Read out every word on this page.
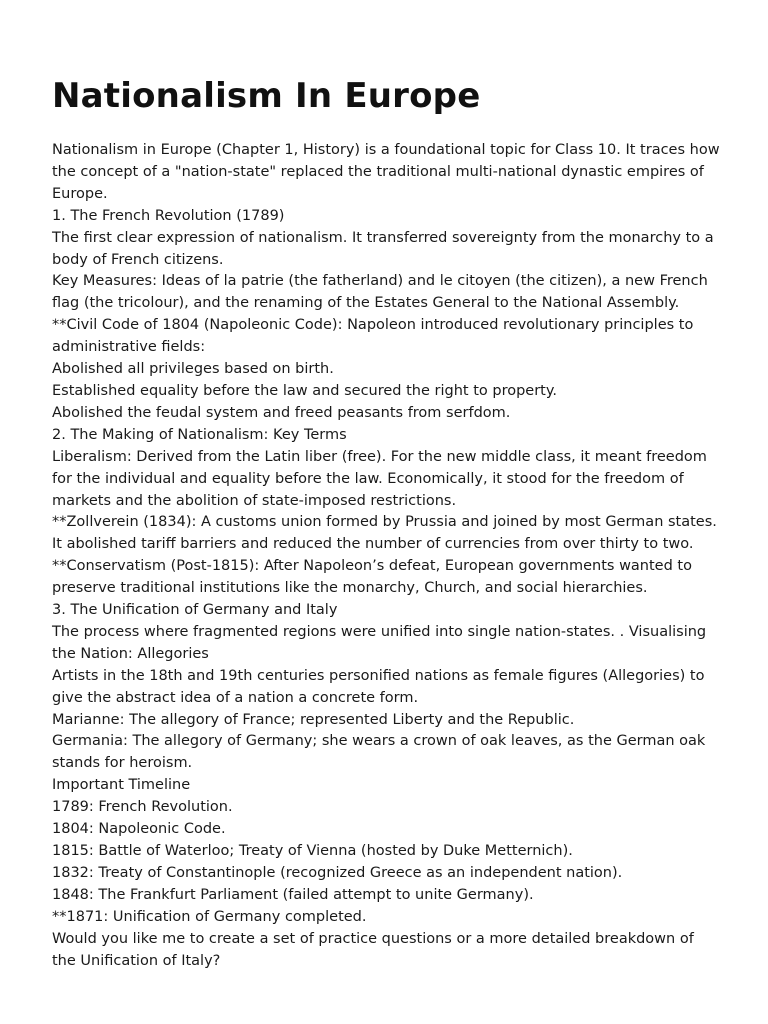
Nationalism In Europe

Nationalism in Europe (Chapter 1, History) is a foundational topic for Class 10. It traces how the concept of a "nation-state" replaced the traditional multi-national dynastic empires of Europe.

1. The French Revolution (1789)

The first clear expression of nationalism. It transferred sovereignty from the monarchy to a body of French citizens.

Key Measures: Ideas of la patrie (the fatherland) and le citoyen (the citizen), a new French flag (the tricolour), and the renaming of the Estates General to the National Assembly.

**Civil Code of 1804 (Napoleonic Code): Napoleon introduced revolutionary principles to administrative fields:

Abolished all privileges based on birth.

Established equality before the law and secured the right to property.

Abolished the feudal system and freed peasants from serfdom.

2. The Making of Nationalism: Key Terms

Liberalism: Derived from the Latin liber (free). For the new middle class, it meant freedom for the individual and equality before the law. Economically, it stood for the freedom of markets and the abolition of state-imposed restrictions.

**Zollverein (1834): A customs union formed by Prussia and joined by most German states. It abolished tariff barriers and reduced the number of currencies from over thirty to two.

**Conservatism (Post-1815): After Napoleon’s defeat, European governments wanted to preserve traditional institutions like the monarchy, Church, and social hierarchies.

3. The Unification of Germany and Italy

The process where fragmented regions were unified into single nation-states. . Visualising the Nation: Allegories

Artists in the 18th and 19th centuries personified nations as female figures (Allegories) to give the abstract idea of a nation a concrete form.

Marianne: The allegory of France; represented Liberty and the Republic.

Germania: The allegory of Germany; she wears a crown of oak leaves, as the German oak stands for heroism.

Important Timeline

1789: French Revolution.

1804: Napoleonic Code.

1815: Battle of Waterloo; Treaty of Vienna (hosted by Duke Metternich).

1832: Treaty of Constantinople (recognized Greece as an independent nation).

1848: The Frankfurt Parliament (failed attempt to unite Germany).

**1871: Unification of Germany completed.

Would you like me to create a set of practice questions or a more detailed breakdown of the Unification of Italy?
